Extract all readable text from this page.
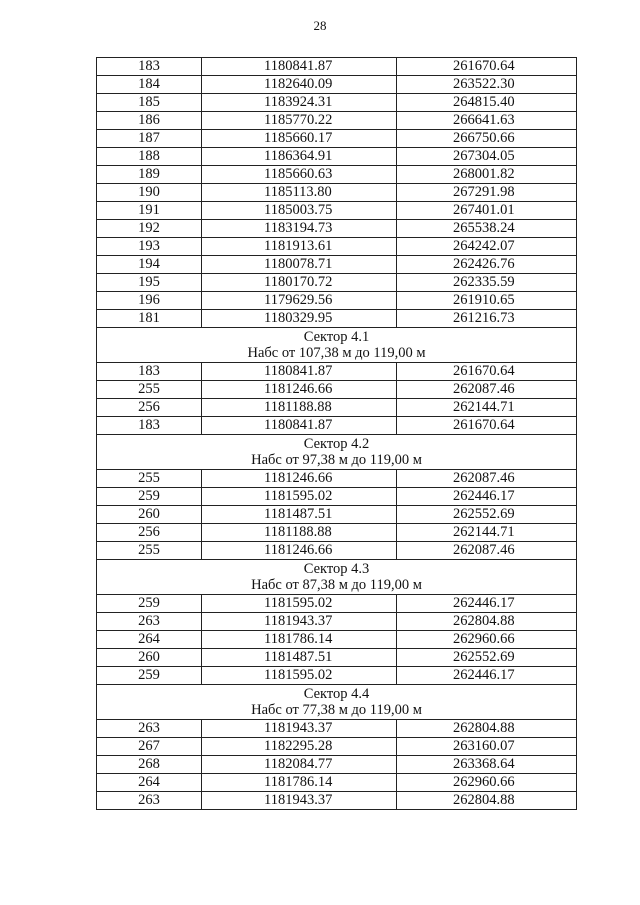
28
183	1180841.87	261670.64
184	1182640.09	263522.30
185	1183924.31	264815.40
186	1185770.22	266641.63
187	1185660.17	266750.66
188	1186364.91	267304.05
189	1185660.63	268001.82
190	1185113.80	267291.98
191	1185003.75	267401.01
192	1183194.73	265538.24
193	1181913.61	264242.07
194	1180078.71	262426.76
195	1180170.72	262335.59
196	1179629.56	261910.65
181	1180329.95	261216.73

Сектор 4.1
Набс от 107,38 м до 119,00 м		

183	1180841.87	261670.64
255	1181246.66	262087.46
256	1181188.88	262144.71
183	1180841.87	261670.64

Сектор 4.2
Набс от 97,38 м до 119,00 м		

255	1181246.66	262087.46
259	1181595.02	262446.17
260	1181487.51	262552.69
256	1181188.88	262144.71
255	1181246.66	262087.46

Сектор 4.3
Набс от 87,38 м до 119,00 м		

259	1181595.02	262446.17
263	1181943.37	262804.88
264	1181786.14	262960.66
260	1181487.51	262552.69
259	1181595.02	262446.17

Сектор 4.4
Набс от 77,38 м до 119,00 м		

263	1181943.37	262804.88
267	1182295.28	263160.07
268	1182084.77	263368.64
264	1181786.14	262960.66
263	1181943.37	262804.88
